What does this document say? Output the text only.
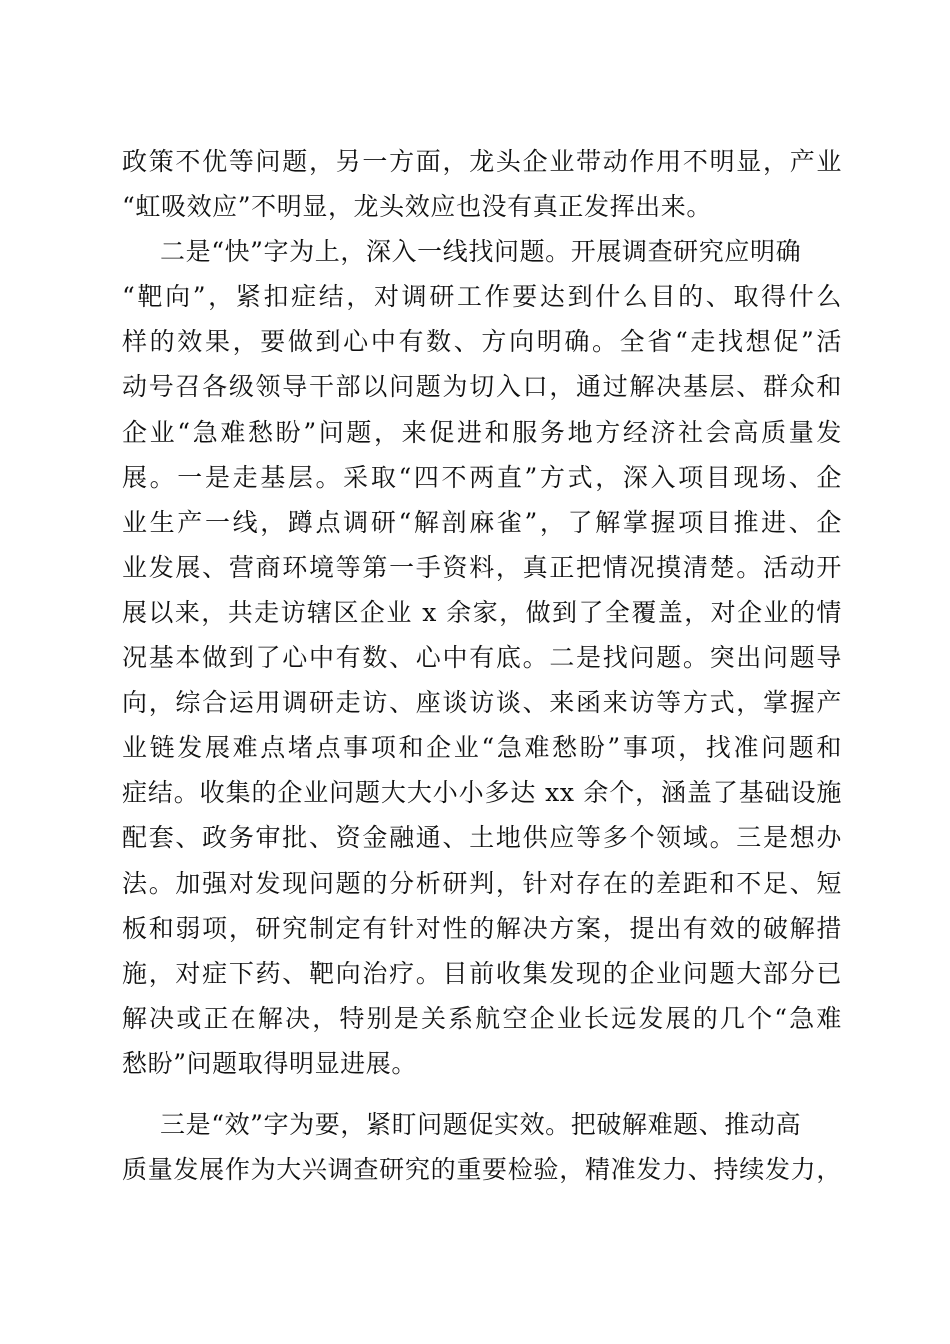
政策不优等问题，另一方面，龙头企业带动作用不明显，产业
“虹吸效应”不明显，龙头效应也没有真正发挥出来。
二是“快”字为上，深入一线找问题。开展调查研究应明确
“靶向”，紧扣症结，对调研工作要达到什么目的、取得什么
样的效果，要做到心中有数、方向明确。全省“走找想促”活
动号召各级领导干部以问题为切入口，通过解决基层、群众和
企业“急难愁盼”问题，来促进和服务地方经济社会高质量发
展。一是走基层。采取“四不两直”方式，深入项目现场、企
业生产一线，蹲点调研“解剖麻雀”，了解掌握项目推进、企
业发展、营商环境等第一手资料，真正把情况摸清楚。活动开
展以来，共走访辖区企业 x 余家，做到了全覆盖，对企业的情
况基本做到了心中有数、心中有底。二是找问题。突出问题导
向，综合运用调研走访、座谈访谈、来函来访等方式，掌握产
业链发展难点堵点事项和企业“急难愁盼”事项，找准问题和
症结。收集的企业问题大大小小多达 xx 余个，涵盖了基础设施
配套、政务审批、资金融通、土地供应等多个领域。三是想办
法。加强对发现问题的分析研判，针对存在的差距和不足、短
板和弱项，研究制定有针对性的解决方案，提出有效的破解措
施，对症下药、靶向治疗。目前收集发现的企业问题大部分已
解决或正在解决，特别是关系航空企业长远发展的几个“急难
愁盼”问题取得明显进展。
三是“效”字为要，紧盯问题促实效。把破解难题、推动高
质量发展作为大兴调查研究的重要检验，精准发力、持续发力，
